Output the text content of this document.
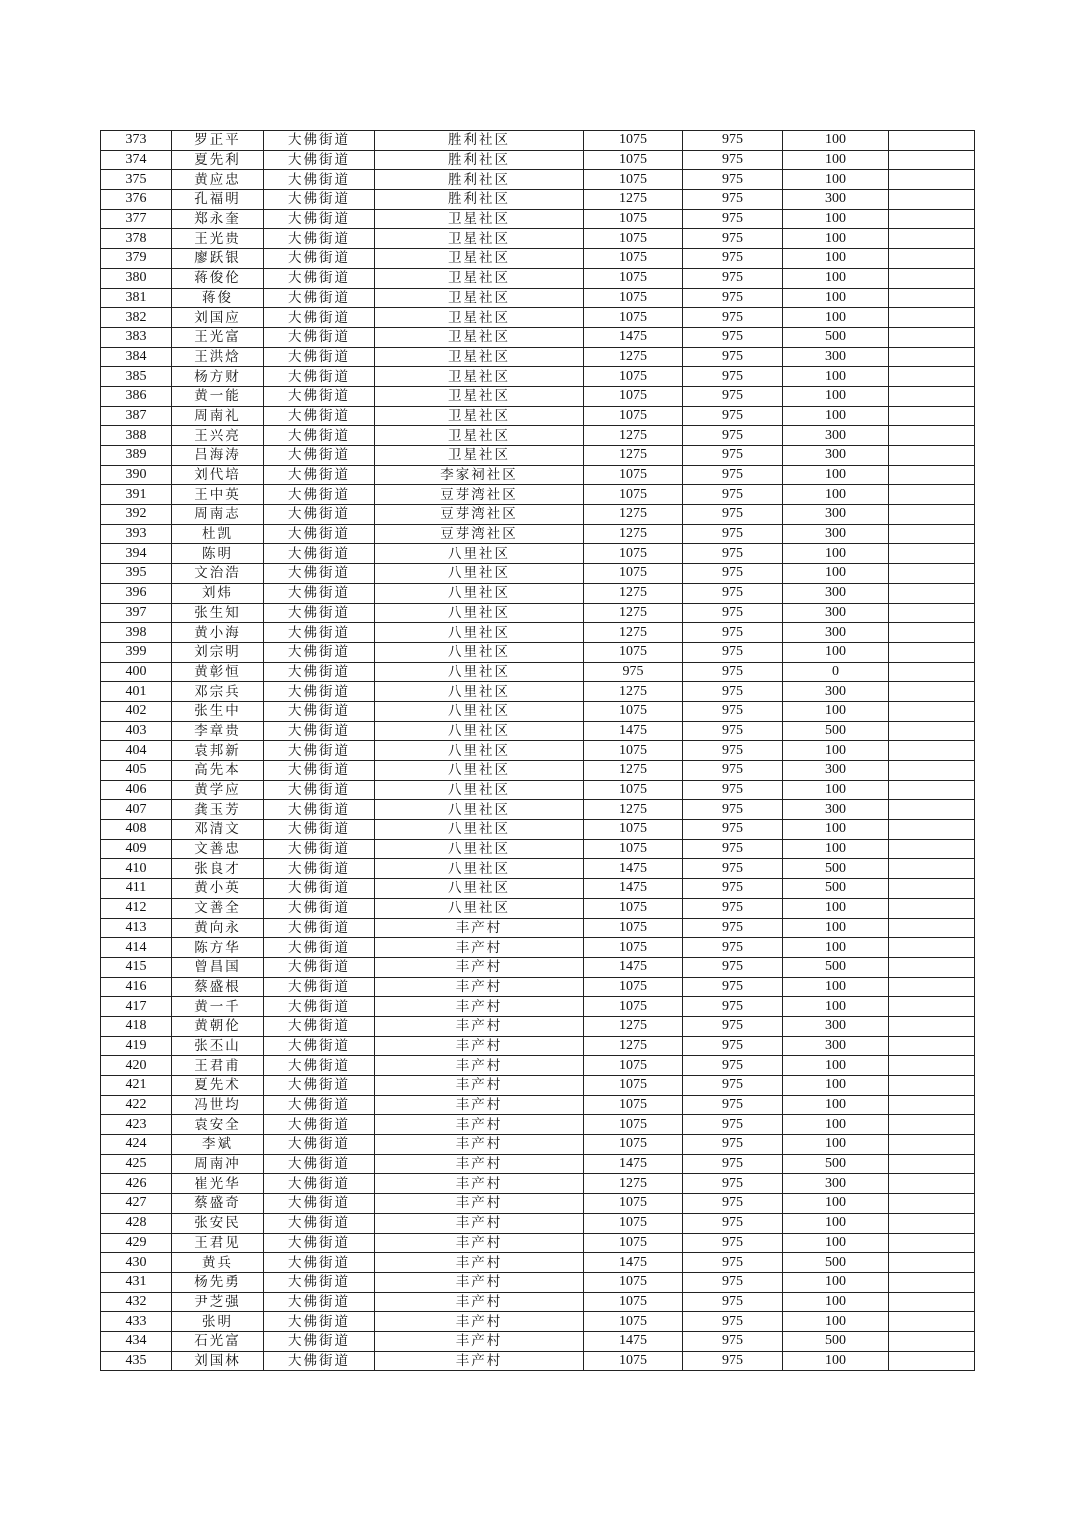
373	罗正平	大佛街道	胜利社区	1075	975	100	
374	夏先利	大佛街道	胜利社区	1075	975	100	
375	黄应忠	大佛街道	胜利社区	1075	975	100	
376	孔福明	大佛街道	胜利社区	1275	975	300	
377	郑永奎	大佛街道	卫星社区	1075	975	100	
378	王光贵	大佛街道	卫星社区	1075	975	100	
379	廖跃银	大佛街道	卫星社区	1075	975	100	
380	蒋俊伦	大佛街道	卫星社区	1075	975	100	
381	蒋俊	大佛街道	卫星社区	1075	975	100	
382	刘国应	大佛街道	卫星社区	1075	975	100	
383	王光富	大佛街道	卫星社区	1475	975	500	
384	王洪焓	大佛街道	卫星社区	1275	975	300	
385	杨方财	大佛街道	卫星社区	1075	975	100	
386	黄一能	大佛街道	卫星社区	1075	975	100	
387	周南礼	大佛街道	卫星社区	1075	975	100	
388	王兴亮	大佛街道	卫星社区	1275	975	300	
389	吕海涛	大佛街道	卫星社区	1275	975	300	
390	刘代培	大佛街道	李家祠社区	1075	975	100	
391	王中英	大佛街道	豆芽湾社区	1075	975	100	
392	周南志	大佛街道	豆芽湾社区	1275	975	300	
393	杜凯	大佛街道	豆芽湾社区	1275	975	300	
394	陈明	大佛街道	八里社区	1075	975	100	
395	文治浩	大佛街道	八里社区	1075	975	100	
396	刘炜	大佛街道	八里社区	1275	975	300	
397	张生知	大佛街道	八里社区	1275	975	300	
398	黄小海	大佛街道	八里社区	1275	975	300	
399	刘宗明	大佛街道	八里社区	1075	975	100	
400	黄彰恒	大佛街道	八里社区	975	975	0	
401	邓宗兵	大佛街道	八里社区	1275	975	300	
402	张生中	大佛街道	八里社区	1075	975	100	
403	李章贵	大佛街道	八里社区	1475	975	500	
404	袁邦新	大佛街道	八里社区	1075	975	100	
405	高先本	大佛街道	八里社区	1275	975	300	
406	黄学应	大佛街道	八里社区	1075	975	100	
407	龚玉芳	大佛街道	八里社区	1275	975	300	
408	邓清文	大佛街道	八里社区	1075	975	100	
409	文善忠	大佛街道	八里社区	1075	975	100	
410	张良才	大佛街道	八里社区	1475	975	500	
411	黄小英	大佛街道	八里社区	1475	975	500	
412	文善全	大佛街道	八里社区	1075	975	100	
413	黄向永	大佛街道	丰产村	1075	975	100	
414	陈方华	大佛街道	丰产村	1075	975	100	
415	曾昌国	大佛街道	丰产村	1475	975	500	
416	蔡盛根	大佛街道	丰产村	1075	975	100	
417	黄一千	大佛街道	丰产村	1075	975	100	
418	黄朝伦	大佛街道	丰产村	1275	975	300	
419	张丕山	大佛街道	丰产村	1275	975	300	
420	王君甫	大佛街道	丰产村	1075	975	100	
421	夏先术	大佛街道	丰产村	1075	975	100	
422	冯世均	大佛街道	丰产村	1075	975	100	
423	袁安全	大佛街道	丰产村	1075	975	100	
424	李斌	大佛街道	丰产村	1075	975	100	
425	周南冲	大佛街道	丰产村	1475	975	500	
426	崔光华	大佛街道	丰产村	1275	975	300	
427	蔡盛奇	大佛街道	丰产村	1075	975	100	
428	张安民	大佛街道	丰产村	1075	975	100	
429	王君见	大佛街道	丰产村	1075	975	100	
430	黄兵	大佛街道	丰产村	1475	975	500	
431	杨先勇	大佛街道	丰产村	1075	975	100	
432	尹芝强	大佛街道	丰产村	1075	975	100	
433	张明	大佛街道	丰产村	1075	975	100	
434	石光富	大佛街道	丰产村	1475	975	500	
435	刘国林	大佛街道	丰产村	1075	975	100	
